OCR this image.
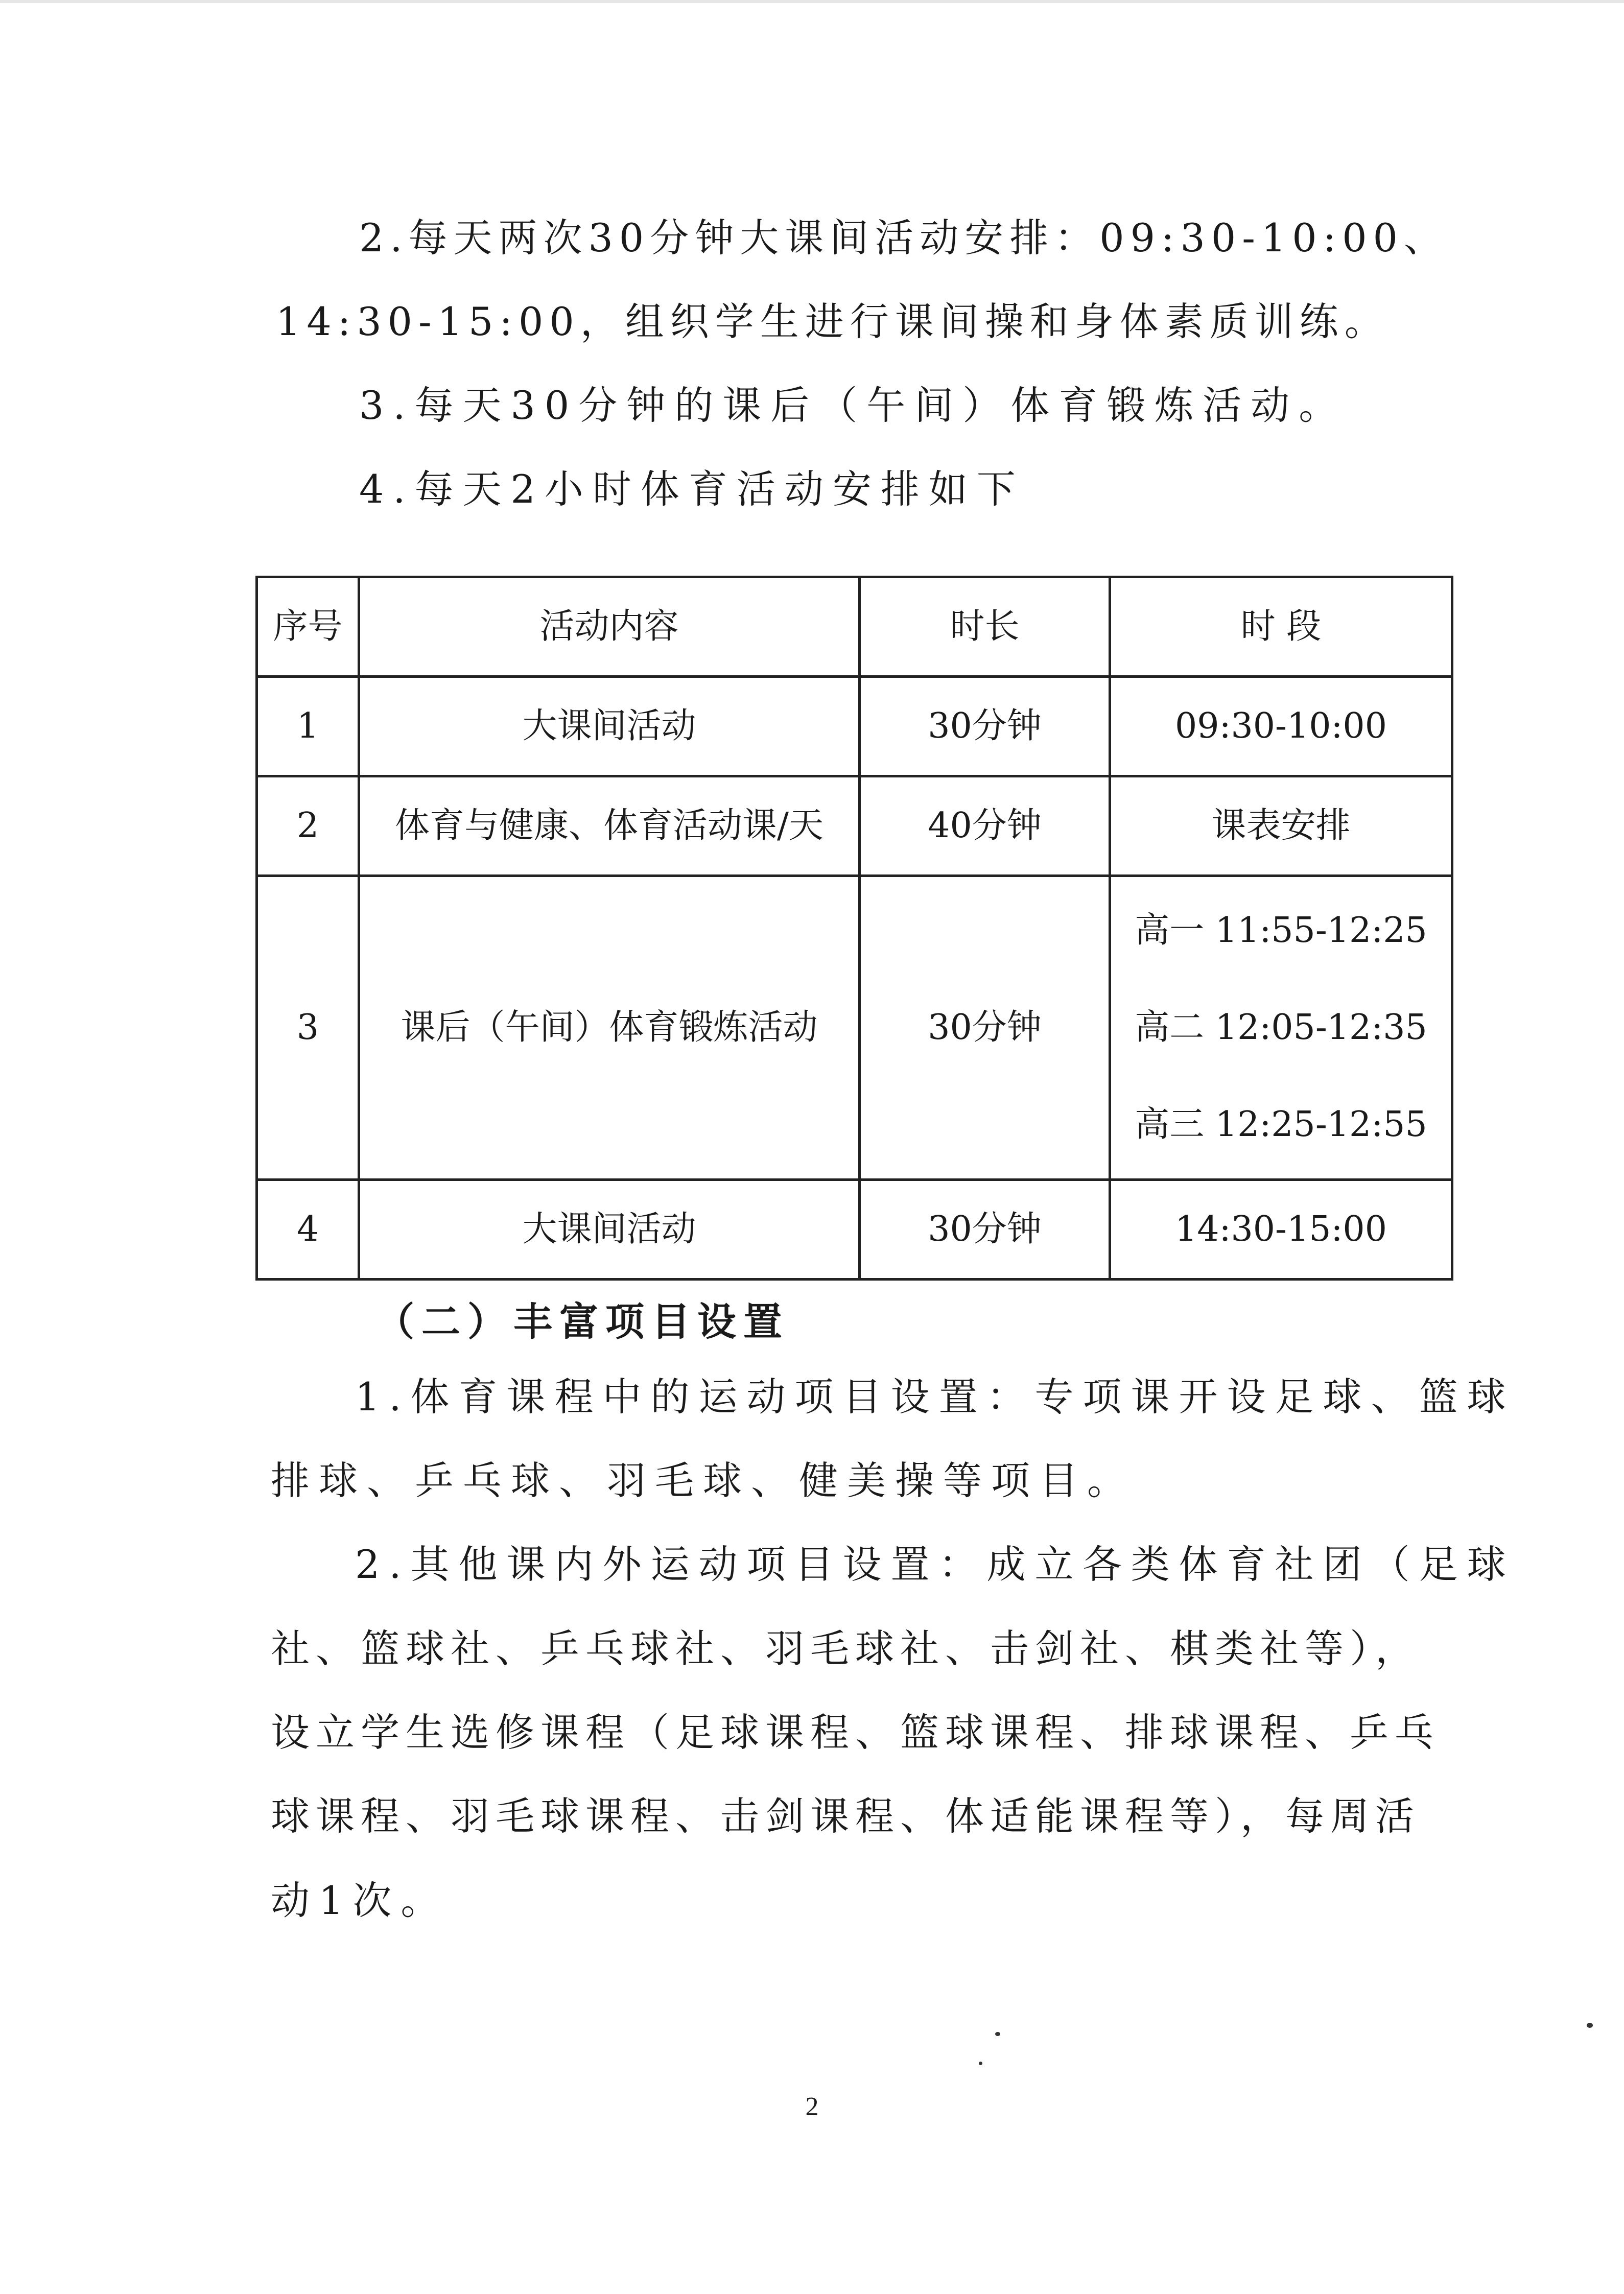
2.每天两次30分钟大课间活动安排：09:30-10:00、
14:30-15:00，组织学生进行课间操和身体素质训练。
3.每天30分钟的课后（午间）体育锻炼活动。
4.每天2小时体育活动安排如下
序号	活动内容	时长	时 段
1	大课间活动	30分钟	09:30-10:00
2	体育与健康、体育活动课/天	40分钟	课表安排
3	课后（午间）体育锻炼活动	30分钟	高一 11:55-12:25
高二 12:05-12:35
高三 12:25-12:55

4	大课间活动	30分钟	14:30-15:00
（二）丰富项目设置
1.体育课程中的运动项目设置：专项课开设足球、篮球
排球、乒乓球、羽毛球、健美操等项目。
2.其他课内外运动项目设置：成立各类体育社团（足球
社、篮球社、乒乓球社、羽毛球社、击剑社、棋类社等），
设立学生选修课程（足球课程、篮球课程、排球课程、乒乓
球课程、羽毛球课程、击剑课程、体适能课程等），每周活
动1次。
2
